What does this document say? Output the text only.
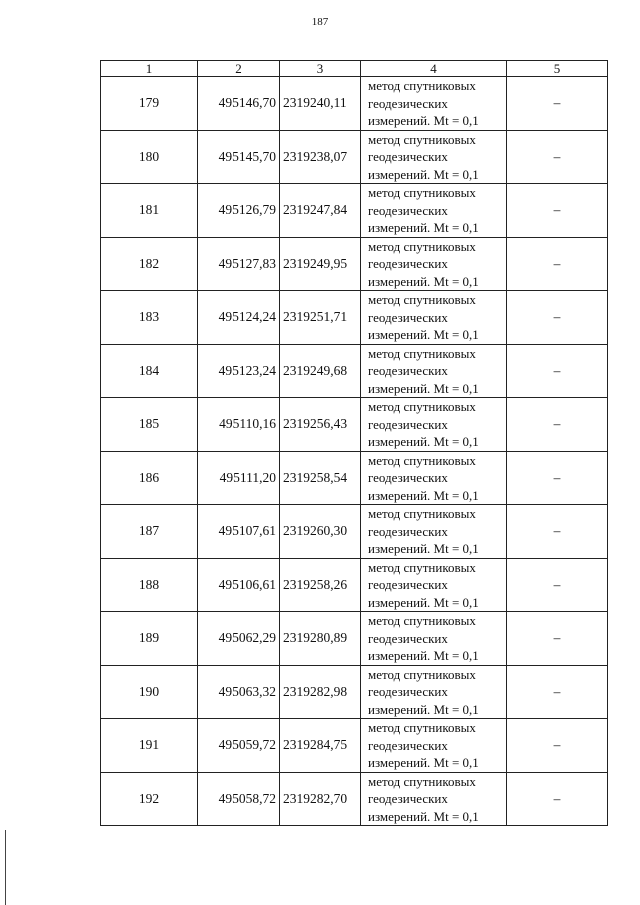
187
1	2	3	4	5
179	495146,70	2319240,11	метод спутниковых
геодезических
измерений. Mt = 0,1	–
180	495145,70	2319238,07	метод спутниковых
геодезических
измерений. Mt = 0,1	–
181	495126,79	2319247,84	метод спутниковых
геодезических
измерений. Mt = 0,1	–
182	495127,83	2319249,95	метод спутниковых
геодезических
измерений. Mt = 0,1	–
183	495124,24	2319251,71	метод спутниковых
геодезических
измерений. Mt = 0,1	–
184	495123,24	2319249,68	метод спутниковых
геодезических
измерений. Mt = 0,1	–
185	495110,16	2319256,43	метод спутниковых
геодезических
измерений. Mt = 0,1	–
186	495111,20	2319258,54	метод спутниковых
геодезических
измерений. Mt = 0,1	–
187	495107,61	2319260,30	метод спутниковых
геодезических
измерений. Mt = 0,1	–
188	495106,61	2319258,26	метод спутниковых
геодезических
измерений. Mt = 0,1	–
189	495062,29	2319280,89	метод спутниковых
геодезических
измерений. Mt = 0,1	–
190	495063,32	2319282,98	метод спутниковых
геодезических
измерений. Mt = 0,1	–
191	495059,72	2319284,75	метод спутниковых
геодезических
измерений. Mt = 0,1	–
192	495058,72	2319282,70	метод спутниковых
геодезических
измерений. Mt = 0,1	–
